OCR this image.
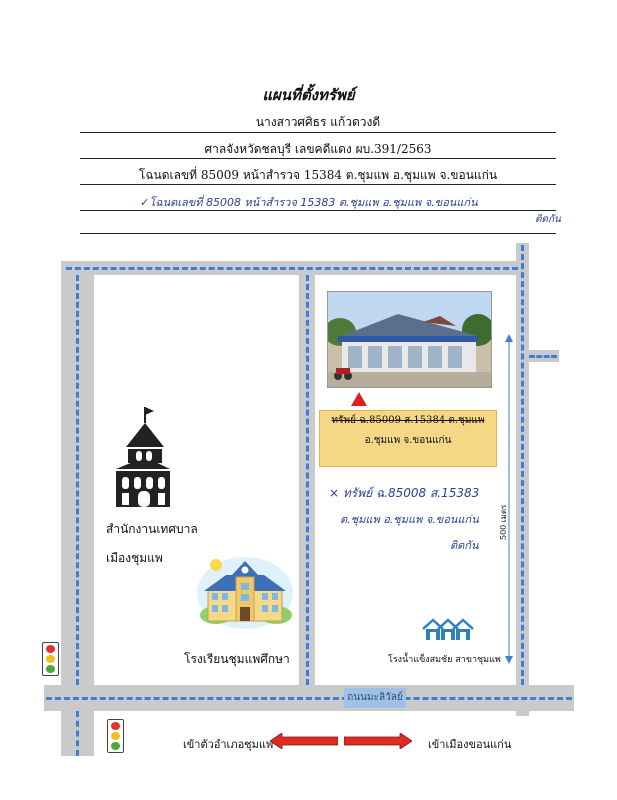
แผนที่ตั้งทรัพย์
นางสาวศศิธร แก้วดวงดี
ศาลจังหวัดชลบุรี เลขคดีแดง ผบ.391/2563
โฉนดเลขที่ 85009 หน้าสำรวจ 15384 ต.ชุมแพ อ.ชุมแพ จ.ขอนแก่น
✓โฉนดเลขที่ 85008 หน้าสำรวจ 15383 ต.ชุมแพ อ.ชุมแพ จ.ขอนแก่น
ติดกัน
ถนนมะลิวัลย์
สำนักงานเทศบาล
เมืองชุมแพ
โรงเรียนชุมแพศึกษา
ทรัพย์ ฉ.85009 ส.15384 ต.ชุมแพ
อ.ชุมแพ จ.ขอนแก่น
× ทรัพย์ ฉ.85008 ส.15383
ต.ชุมแพ อ.ชุมแพ จ.ขอนแก่น
ติดกัน
500 เมตร
โรงน้ำแข็งสมชัย สาขาชุมแพ
เข้าตัวอำเภอชุมแพ	เข้าเมืองขอนแก่น
